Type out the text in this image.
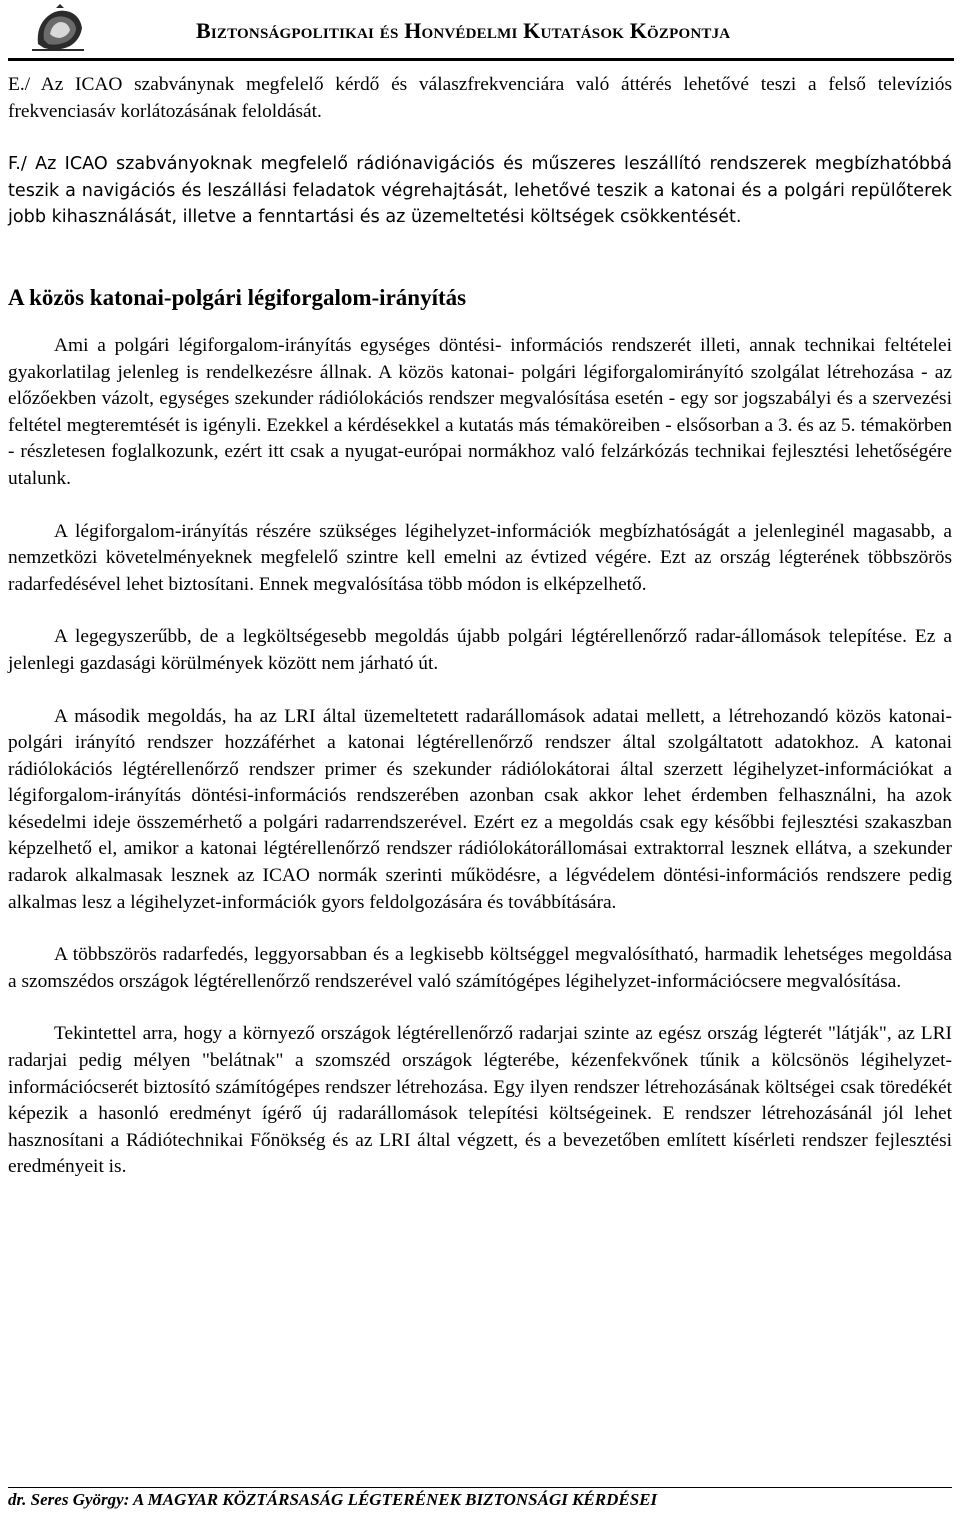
Biztonságpolitikai és Honvédelmi Kutatások Központja

E./ Az ICAO szabványnak megfelelő kérdő és válaszfrekvenciára való áttérés lehetővé teszi a felső televíziós frekvenciasáv korlátozásának feloldását.

F./ Az ICAO szabványoknak megfelelő rádiónavigációs és műszeres leszállító rendszerek megbízhatóbbá teszik a navigációs és leszállási feladatok végrehajtását, lehetővé teszik a katonai és a polgári repülőterek jobb kihasználását, illetve a fenntartási és az üzemeltetési költségek csökkentését.

A közös katonai-polgári légiforgalom-irányítás

Ami a polgári légiforgalom-irányítás egységes döntési- információs rendszerét illeti, annak technikai feltételei gyakorlatilag jelenleg is rendelkezésre állnak. A közös katonai- polgári légiforgalomirányító szolgálat létrehozása - az előzőekben vázolt, egységes szekunder rádiólokációs rendszer megvalósítása esetén - egy sor jogszabályi és a szervezési feltétel megteremtését is igényli. Ezekkel a kérdésekkel a kutatás más témaköreiben - elsősorban a 3. és az 5. témakörben - részletesen foglalkozunk, ezért itt csak a nyugat-európai normákhoz való felzárkózás technikai fejlesztési lehetőségére utalunk.

A légiforgalom-irányítás részére szükséges légihelyzet-információk megbízhatóságát a jelenleginél magasabb, a nemzetközi követelményeknek megfelelő szintre kell emelni az évtized végére. Ezt az ország légterének többszörös radarfedésével lehet biztosítani. Ennek megvalósítása több módon is elképzelhető.

A legegyszerűbb, de a legköltségesebb megoldás újabb polgári légtérellenőrző radar-állomások telepítése. Ez a jelenlegi gazdasági körülmények között nem járható út.

A második megoldás, ha az LRI által üzemeltetett radarállomások adatai mellett, a létrehozandó közös katonai-polgári irányító rendszer hozzáférhet a katonai légtérellenőrző rendszer által szolgáltatott adatokhoz. A katonai rádiólokációs légtérellenőrző rendszer primer és szekunder rádiólokátorai által szerzett légihelyzet-információkat a légiforgalom-irányítás döntési-információs rendszerében azonban csak akkor lehet érdemben felhasználni, ha azok késedelmi ideje összemérhető a polgári radarrendszerével. Ezért ez a megoldás csak egy későbbi fejlesztési szakaszban képzelhető el, amikor a katonai légtérellenőrző rendszer rádiólokátorállomásai extraktorral lesznek ellátva, a szekunder radarok alkalmasak lesznek az ICAO normák szerinti működésre, a légvédelem döntési-információs rendszere pedig alkalmas lesz a légihelyzet-információk gyors feldolgozására és továbbítására.

A többszörös radarfedés, leggyorsabban és a legkisebb költséggel megvalósítható, harmadik lehetséges megoldása a szomszédos országok légtérellenőrző rendszerével való számítógépes légihelyzet-információcsere megvalósítása.

Tekintettel arra, hogy a környező országok légtérellenőrző radarjai szinte az egész ország légterét "látják", az LRI radarjai pedig mélyen "belátnak" a szomszéd országok légterébe, kézenfekvőnek tűnik a kölcsönös légihelyzet-információcserét biztosító számítógépes rendszer létrehozása. Egy ilyen rendszer létrehozásának költségei csak töredékét képezik a hasonló eredményt ígérő új radarállomások telepítési költségeinek. E rendszer létrehozásánál jól lehet hasznosítani a Rádiótechnikai Főnökség és az LRI által végzett, és a bevezetőben említett kísérleti rendszer fejlesztési eredményeit is.

dr. Seres György: A MAGYAR KÖZTÁRSASÁG LÉGTERÉNEK BIZTONSÁGI KÉRDÉSEI
